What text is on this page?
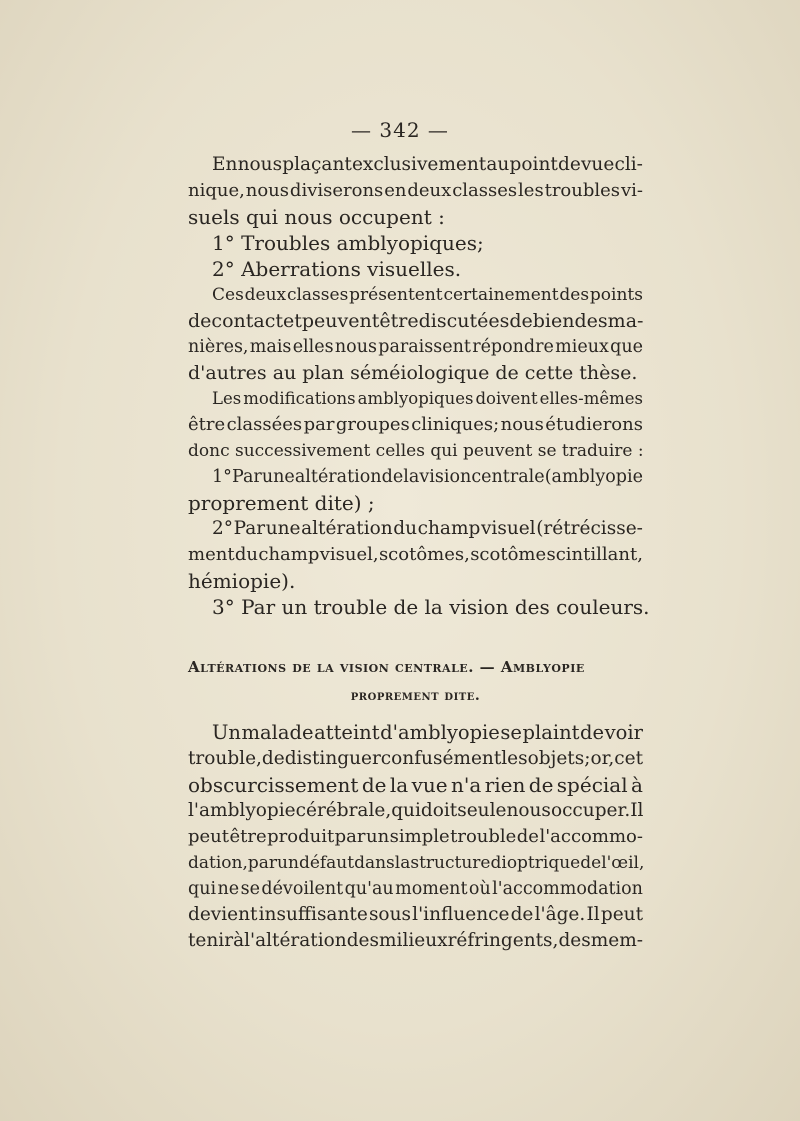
— 342 —
En nous plaçant exclusivement au point de vue cli-
nique, nous diviserons en deux classes les troubles vi-
suels qui nous occupent :
1° Troubles amblyopiques;
2° Aberrations visuelles.
Ces deux classes présentent certainement des points
de contact et peuvent être discutées de bien des ma-
nières, mais elles nous paraissent répondre mieux que
d'autres au plan séméiologique de cette thèse.
Les modifications amblyopiques doivent elles-mêmes
être classées par groupes cliniques; nous étudierons
donc successivement celles qui peuvent se traduire :
1° Par une altération de la vision centrale (amblyopie
proprement dite) ;
2° Par une altération du champ visuel (rétrécisse-
ment du champ visuel, scotômes, scotôme scintillant,
hémiopie).
3° Par un trouble de la vision des couleurs.
Altérations de la vision centrale. — Amblyopie
proprement dite.
Un malade atteint d'amblyopie se plaint de voir
trouble, de distinguer confusément les objets; or, cet
obscurcissement de la vue n'a rien de spécial à
l'amblyopie cérébrale, qui doit seule nous occuper. Il
peut être produit par un simple trouble de l'accommo-
dation, par un défaut dans la structure dioptrique de l'œil,
qui ne se dévoilent qu'au moment où l'accommodation
devient insuffisante sous l'influence de l'âge. Il peut
tenir à l'altération des milieux réfringents, des mem-
